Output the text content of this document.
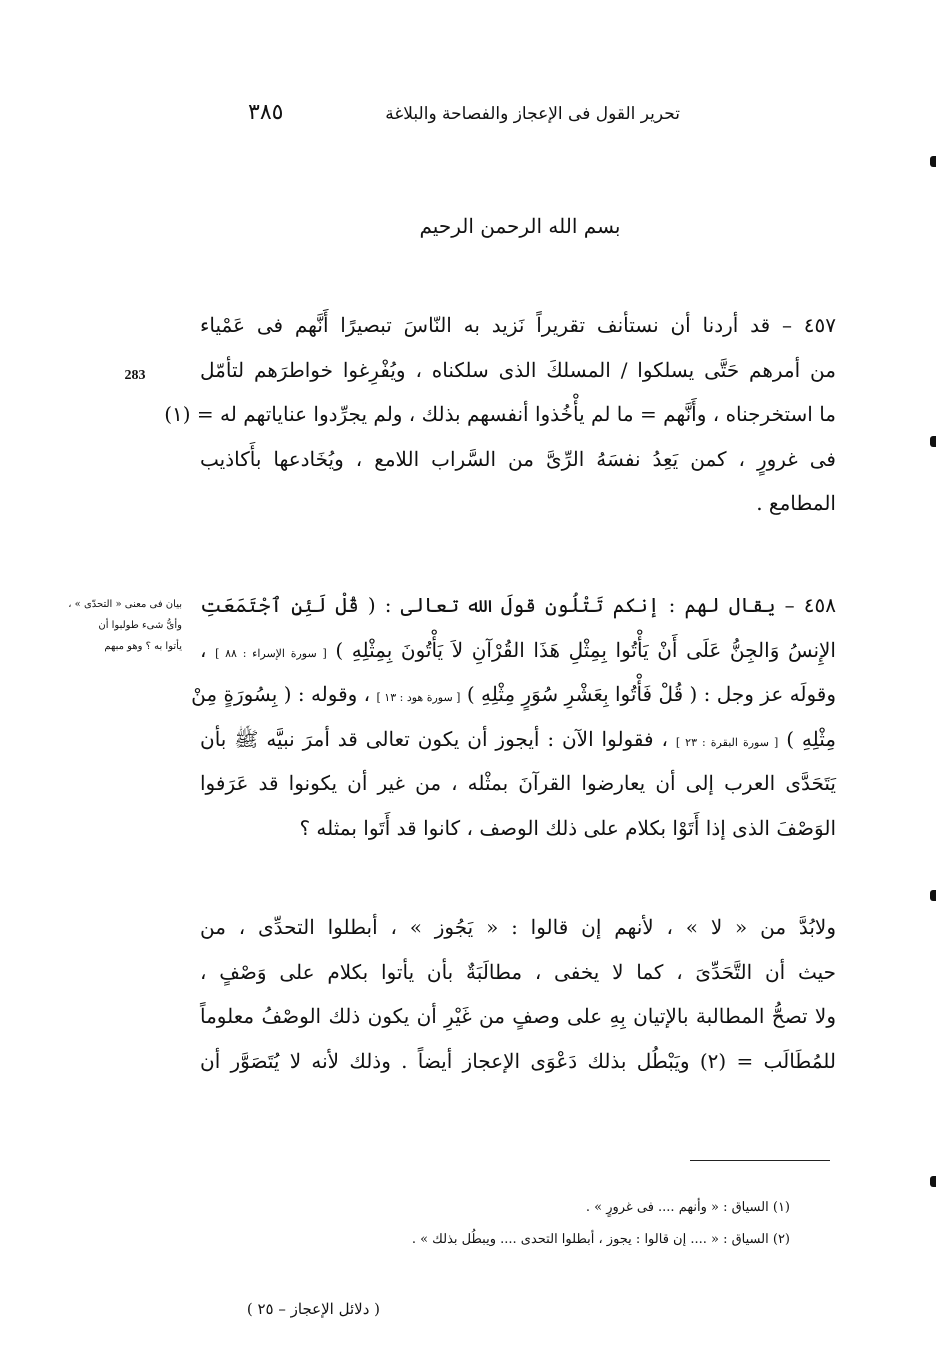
تحرير القول فى الإعجاز والفصاحة والبلاغة
٣٨٥
بسم الله الرحمن الرحيم
٤٥٧ – قد أردنا أن نستأنف تقريراً نَزيد به النّاسَ تبصيرًا أَنَّهم فى عَمْياء
من أمرهم حَتَّى يسلكوا / المسلكَ الذى سلكناه ، ويُفْرِغوا خواطرَهم لتأمّل
ما استخرجناه ، وأَنَّهم = ما لم يأْخُذوا أنفسهم بذلك ، ولم يجرِّدوا عناياتهم له = (١)
فى غرورٍ ، كمن يَعِدُ نفسَهُ الرِّىَّ من السَّراب اللامع ، ويُخَادعها بأَكاذيب
المطامع .
٤٥٨ – يقال لهم : إنكم تَتْلُون قولَ الله تعالى : ( قُلْ لَئِنِ ٱجْتَمَعَتِ
الإِنسُ وَالجِنُّ عَلَى أَنْ يَأْتُوا بِمِثْلِ هَذَا القُرْآنِ لاَ يَأْتُونَ بِمِثْلِهِ ) [ سورة الإسراء : ٨٨ ] ،
وقولَه عز وجل : ( قُلْ فَأْتُوا بِعَشْرِ سُوَرٍ مِثْلِهِ ) [ سورة هود : ١٣ ] ، وقوله : ( بِسُورَةٍ مِنْ
مِثْلِهِ ) [ سورة البقرة : ٢٣ ] ، فقولوا الآن : أيجوز أن يكون تعالى قد أمرَ نبيَّه ﷺ بأن
يَتَحَدَّى العرب إلى أن يعارضوا القرآنَ بمثْله ، من غير أن يكونوا قد عَرَفوا
الوَصْفَ الذى إذا أَتَوْا بكلام على ذلك الوصف ، كانوا قد أَتَوا بمثله ؟
ولابُدَّ من « لا » ، لأنهم إن قالوا : « يَجُوز » ، أبطلوا التحدِّى ، من
حيث أن التَّحَدِّىَ ، كما لا يخفى ، مطالَبَةٌ بأن يأتوا بكلام على وَصْفٍ ،
ولا تصحُّ المطالبة بالإتيان بِهِ على وصفٍ من غَيْرِ أن يكون ذلك الوصْفُ معلوماً
للمُطَالَب = (٢) ويَبْطُل بذلك دَعْوَى الإعجاز أيضاً . وذلك لأنه لا يُتَصَوَّر أن
283
بيان فى معنى « التحدّى » ،
وأىُّ شىء طولبوا أن
يأتوا به ؟ وهو مبهم
(١) السياق : « وأنهم .... فى غرورٍ » .
(٢) السياق : « .... إن قالوا : يجوز ، أبطلوا التحدى .... ويبطُل بذلك » .
( دلائل الإعجاز – ٢٥ )
